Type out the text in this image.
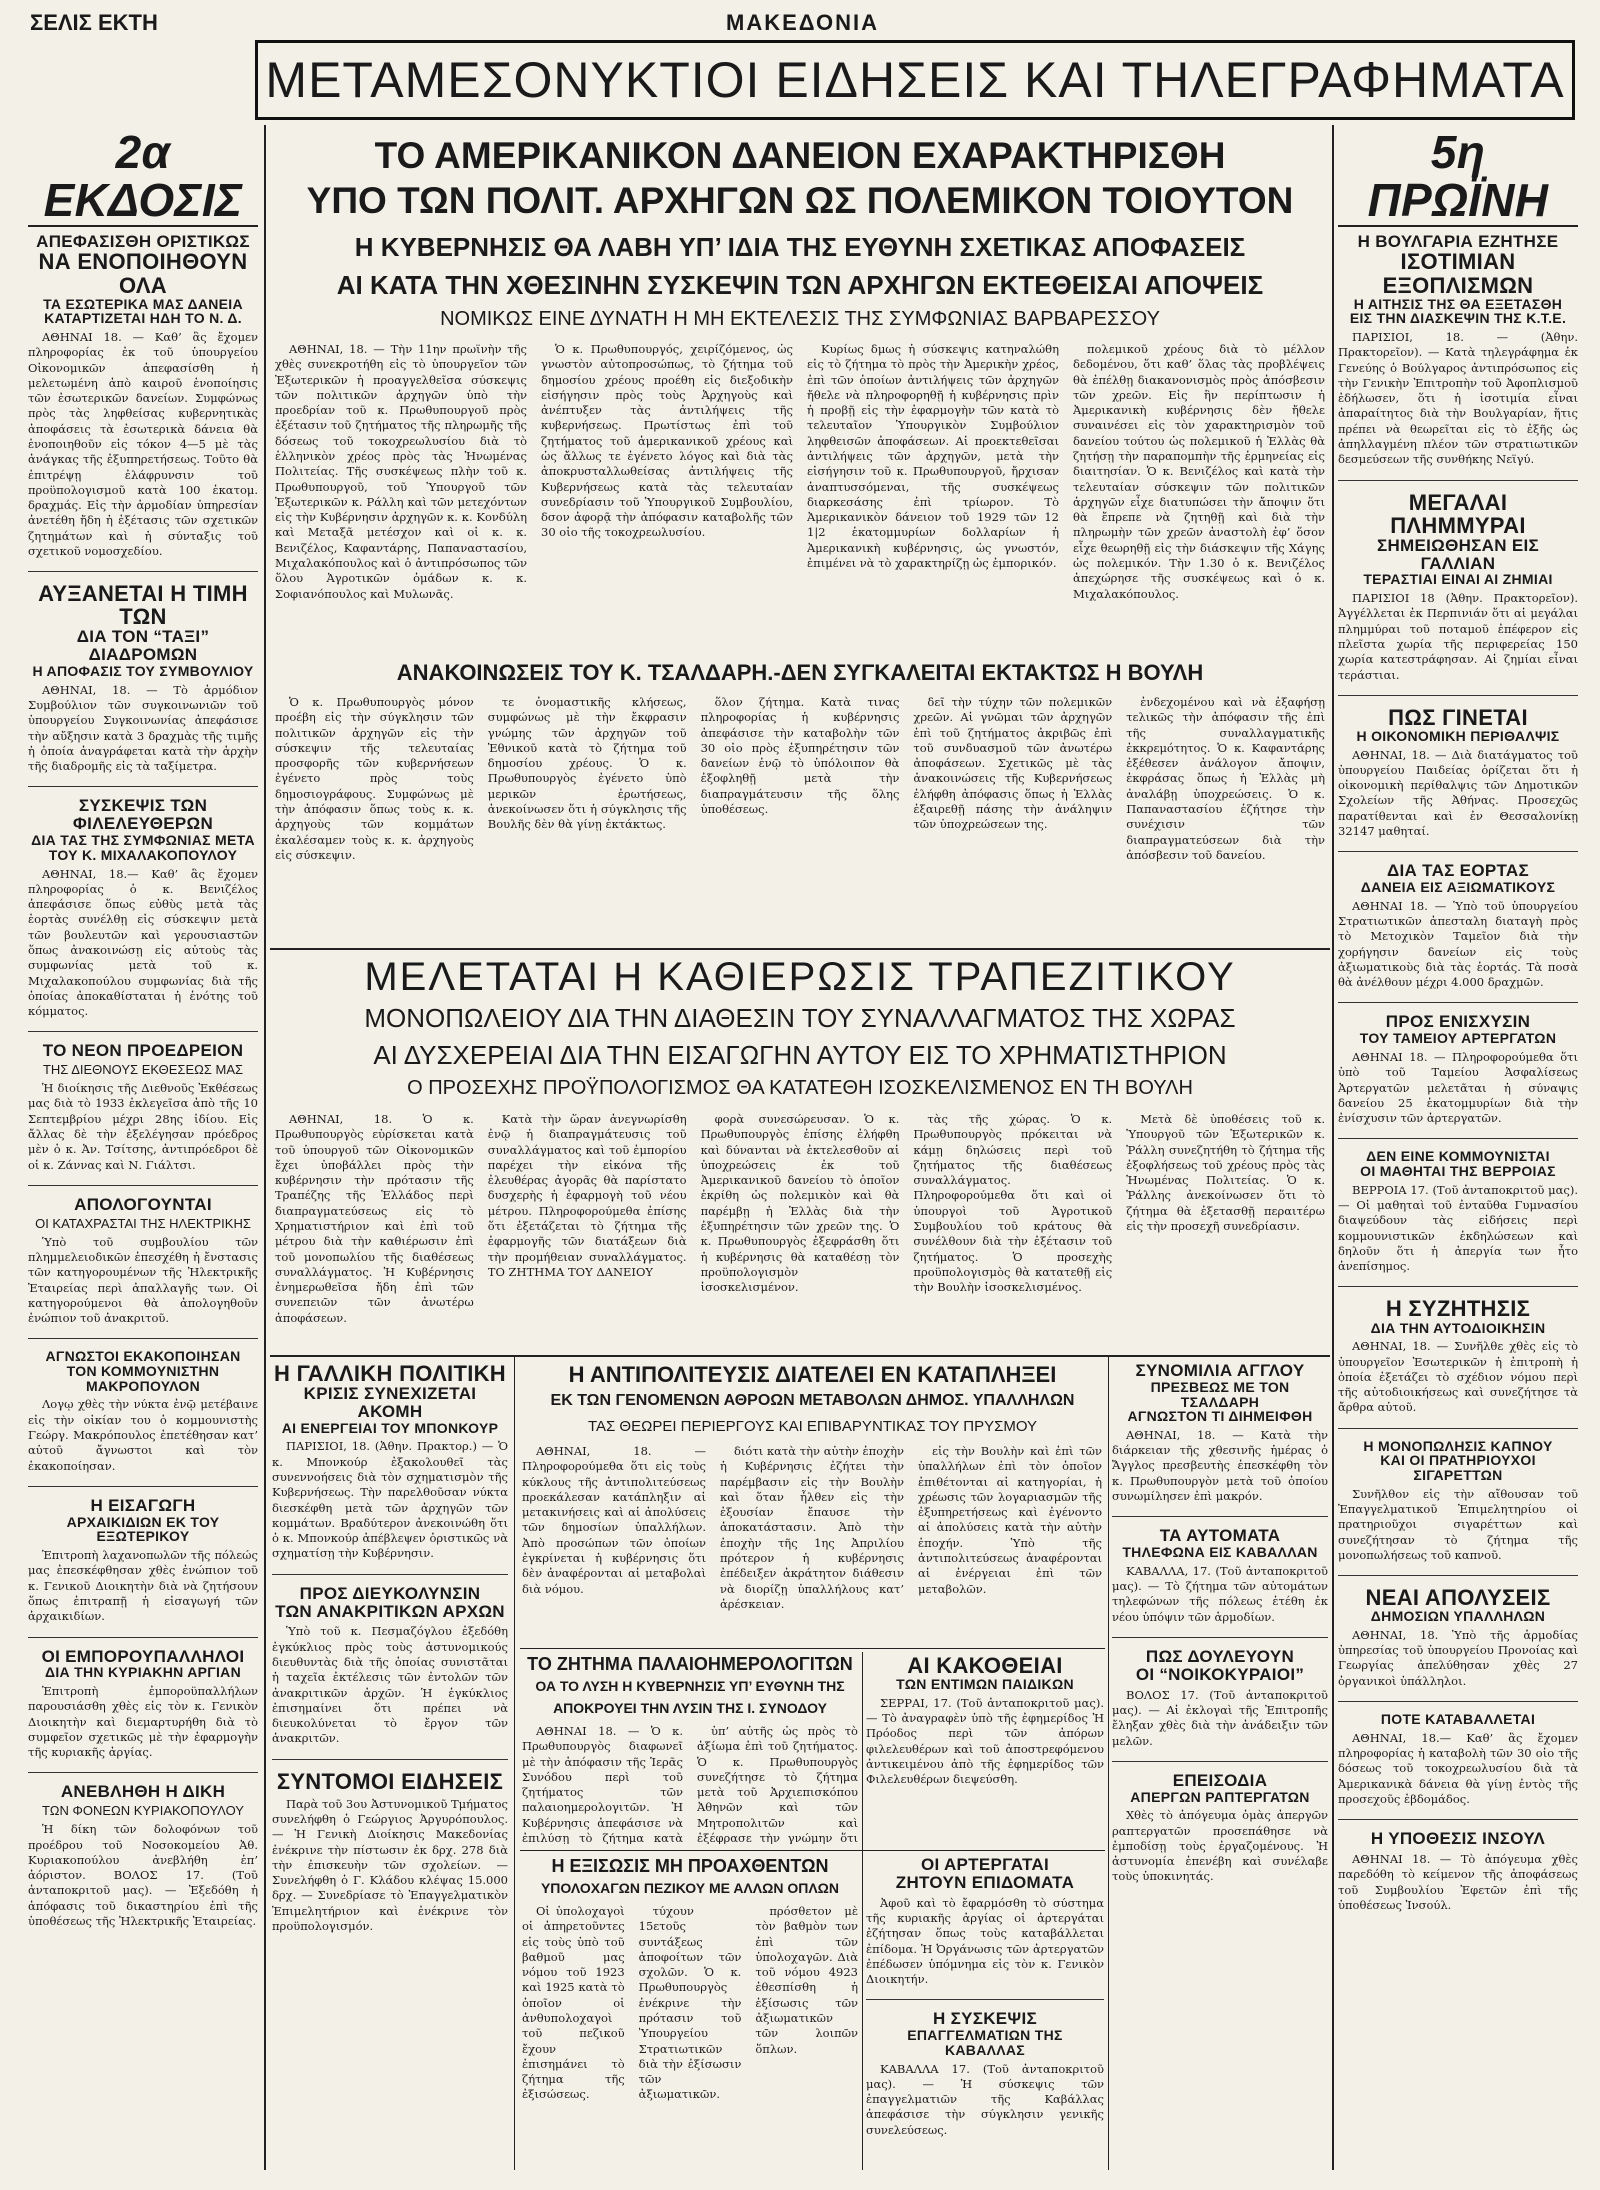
ΣΕΛΙΣ ΕΚΤΗ	ΜΑΚΕΔΟΝΙΑ
ΜΕΤΑΜΕΣΟΝΥΚΤΙΟΙ ΕΙΔΗΣΕΙΣ ΚΑΙ ΤΗΛΕΓΡΑΦΗΜΑΤΑ
2α ΕΚΔΟΣΙΣ
ΑΠΕΦΑΣΙΣΘΗ ΟΡΙΣΤΙΚΩΣ
ΝΑ ΕΝΟΠΟΙΗΘΟΥΝ ΟΛΑ
ΤΑ ΕΣΩΤΕΡΙΚΑ ΜΑΣ ΔΑΝΕΙΑ
ΚΑΤΑΡΤΙΖΕΤΑΙ ΗΔΗ ΤΟ Ν. Δ.
ΑΘΗΝΑΙ 18. — Καθ’ ἃς ἔχομεν πληροφορίας ἐκ τοῦ ὑπουργείου Οἰκονομικῶν ἀπεφασίσθη ἡ μελετωμένη ἀπὸ καιροῦ ἑνοποίησις τῶν ἐσωτερικῶν δανείων. Συμφώνως πρὸς τὰς ληφθείσας κυβερνητικὰς ἀποφάσεις τὰ ἐσωτερικὰ δάνεια θὰ ἑνοποιηθοῦν εἰς τόκον 4—5 μὲ τὰς ἀνάγκας τῆς ἐξυπηρετήσεως. Τοῦτο θὰ ἐπιτρέψῃ ἐλάφρυνσιν τοῦ προϋπολογισμοῦ κατὰ 100 ἑκατομ. δραχμάς. Εἰς τὴν ἁρμοδίαν ὑπηρεσίαν ἀνετέθη ἤδη ἡ ἐξέτασις τῶν σχετικῶν ζητημάτων καὶ ἡ σύνταξις τοῦ σχετικοῦ νομοσχεδίου.
ΑΥΞΑΝΕΤΑΙ Η ΤΙΜΗ ΤΩΝ
ΔΙΑ ΤΟΝ “ΤΑΞΙ” ΔΙΑΔΡΟΜΩΝ
Η ΑΠΟΦΑΣΙΣ ΤΟΥ ΣΥΜΒΟΥΛΙΟΥ
ΑΘΗΝΑΙ, 18. — Τὸ ἁρμόδιον Συμβούλιον τῶν συγκοινωνιῶν τοῦ ὑπουργείου Συγκοινωνίας ἀπεφάσισε τὴν αὔξησιν κατὰ 3 δραχμὰς τῆς τιμῆς ἡ ὁποία ἀναγράφεται κατὰ τὴν ἀρχὴν τῆς διαδρομῆς εἰς τὰ ταξίμετρα.
ΣΥΣΚΕΨΙΣ ΤΩΝ ΦΙΛΕΛΕΥΘΕΡΩΝ
ΔΙΑ ΤΑΣ ΤΗΣ ΣΥΜΦΩΝΙΑΣ ΜΕΤΑ
ΤΟΥ Κ. ΜΙΧΑΛΑΚΟΠΟΥΛΟΥ
ΑΘΗΝΑΙ, 18.— Καθ’ ἃς ἔχομεν πληροφορίας ὁ κ. Βενιζέλος ἀπεφάσισε ὅπως εὐθὺς μετὰ τὰς ἑορτὰς συνέλθῃ εἰς σύσκεψιν μετὰ τῶν βουλευτῶν καὶ γερουσιαστῶν ὅπως ἀνακοινώσῃ εἰς αὐτοὺς τὰς συμφωνίας μετὰ τοῦ κ. Μιχαλακοπούλου συμφωνίας διὰ τῆς ὁποίας ἀποκαθίσταται ἡ ἑνότης τοῦ κόμματος.
ΤΟ ΝΕΟΝ ΠΡΟΕΔΡΕΙΟΝ
ΤΗΣ ΔΙΕΘΝΟΥΣ ΕΚΘΕΣΕΩΣ ΜΑΣ
Ἡ διοίκησις τῆς Διεθνοῦς Ἐκθέσεως μας διὰ τὸ 1933 ἐκλεγεῖσα ἀπὸ τῆς 10 Σεπτεμβρίου μέχρι 28ης ἰδίου. Εἰς ἄλλας δὲ τὴν ἐξελέγησαν πρόεδρος μὲν ὁ κ. Ἀν. Τσίτσης, ἀντιπρόεδροι δὲ οἱ κ. Ζάννας καὶ Ν. Γιάλτσι.
ΑΠΟΛΟΓΟΥΝΤΑΙ
ΟΙ ΚΑΤΑΧΡΑΣΤΑΙ ΤΗΣ ΗΛΕΚΤΡΙΚΗΣ
Ὑπὸ τοῦ συμβουλίου τῶν πλημμελειοδικῶν ἐπεσχέθη ἡ ἔνστασις τῶν κατηγορουμένων τῆς Ἠλεκτρικῆς Ἑταιρείας περὶ ἀπαλλαγῆς των. Οἱ κατηγορούμενοι θὰ ἀπολογηθοῦν ἐνώπιον τοῦ ἀνακριτοῦ.
ΑΓΝΩΣΤΟΙ ΕΚΑΚΟΠΟΙΗΣΑΝ
ΤΟΝ ΚΟΜΜΟΥΝΙΣΤΗΝ ΜΑΚΡΟΠΟΥΛΟΝ
Λογῳ χθὲς τὴν νύκτα ἐνῷ μετέβαινε εἰς τὴν οἰκίαν του ὁ κομμουνιστὴς Γεώργ. Μακρόπουλος ἐπετέθησαν κατ’ αὐτοῦ ἄγνωστοι καὶ τὸν ἐκακοποίησαν.
Η ΕΙΣΑΓΩΓΗ
ΑΡΧΑΙΚΙΔΙΩΝ ΕΚ ΤΟΥ ΕΞΩΤΕΡΙΚΟΥ
Ἐπιτροπὴ λαχανοπωλῶν τῆς πόλεώς μας ἐπεσκέφθησαν χθὲς ἐνώπιον τοῦ κ. Γενικοῦ Διοικητὴν διὰ νὰ ζητήσουν ὅπως ἐπιτραπῇ ἡ εἰσαγωγή τῶν ἀρχαικιδίων.
ΟΙ ΕΜΠΟΡΟΥΠΑΛΛΗΛΟΙ
ΔΙΑ ΤΗΝ ΚΥΡΙΑΚΗΝ ΑΡΓΙΑΝ
Ἐπιτροπὴ ἐμποροϋπαλλήλων παρουσιάσθη χθὲς εἰς τὸν κ. Γενικὸν Διοικητὴν καὶ διεμαρτυρήθη διὰ τὸ συμφεῖον σχετικῶς μὲ τὴν ἐφαρμογὴν τῆς κυριακῆς ἀργίας.
ΑΝΕΒΛΗΘΗ Η ΔΙΚΗ
ΤΩΝ ΦΟΝΕΩΝ ΚΥΡΙΑΚΟΠΟΥΛΟΥ
Ἡ δίκη τῶν δολοφόνων τοῦ προέδρου τοῦ Νοσοκομείου Ἀθ. Κυριακοπούλου ἀνεβλήθη ἐπ’ ἀόριστον. ΒΟΛΟΣ 17. (Τοῦ ἀνταποκριτοῦ μας). — Ἐξεδόθη ἡ ἀπόφασις τοῦ δικαστηρίου ἐπὶ τῆς ὑποθέσεως τῆς Ἠλεκτρικῆς Ἑταιρείας.
ΤΟ ΑΜΕΡΙΚΑΝΙΚΟΝ ΔΑΝΕΙΟΝ ΕΧΑΡΑΚΤΗΡΙΣΘΗ
ΥΠΟ ΤΩΝ ΠΟΛΙΤ. ΑΡΧΗΓΩΝ ΩΣ ΠΟΛΕΜΙΚΟΝ ΤΟΙΟΥΤΟΝ
Η ΚΥΒΕΡΝΗΣΙΣ ΘΑ ΛΑΒΗ ΥΠ’ ΙΔΙΑ ΤΗΣ ΕΥΘΥΝΗ ΣΧΕΤΙΚΑΣ ΑΠΟΦΑΣΕΙΣ
ΑΙ ΚΑΤΑ ΤΗΝ ΧΘΕΣΙΝΗΝ ΣΥΣΚΕΨΙΝ ΤΩΝ ΑΡΧΗΓΩΝ ΕΚΤΕΘΕΙΣΑΙ ΑΠΟΨΕΙΣ
ΝΟΜΙΚΩΣ ΕΙΝΕ ΔΥΝΑΤΗ Η ΜΗ ΕΚΤΕΛΕΣΙΣ ΤΗΣ ΣΥΜΦΩΝΙΑΣ ΒΑΡΒΑΡΕΣΣΟΥ
ΑΘΗΝΑΙ, 18. — Τὴν 11ην πρωϊνὴν τῆς χθὲς συνεκροτήθη εἰς τὸ ὑπουργεῖον τῶν Ἐξωτερικῶν ἡ προαγγελθεῖσα σύσκεψις τῶν πολιτικῶν ἀρχηγῶν ὑπὸ τὴν προεδρίαν τοῦ κ. Πρωθυπουργοῦ πρὸς ἐξέτασιν τοῦ ζητήματος τῆς πληρωμῆς τῆς δόσεως τοῦ τοκοχρεωλυσίου διὰ τὸ ἑλληνικὸν χρέος πρὸς τὰς Ἡνωμένας Πολιτείας. Τῆς συσκέψεως πλὴν τοῦ κ. Πρωθυπουργοῦ, τοῦ Ὑπουργοῦ τῶν Ἐξωτερικῶν κ. Ράλλη καὶ τῶν μετεχόντων εἰς τὴν Κυβέρνησιν ἀρχηγῶν κ. κ. Κονδύλη καὶ Μεταξᾶ μετέσχον καὶ οἱ κ. κ. Βενιζέλος, Καφαντάρης, Παπαναστασίου, Μιχαλακόπουλος καὶ ὁ ἀντιπρόσωπος τῶν ὅλου Ἀγροτικῶν ὁμάδων κ. κ. Σοφιανόπουλος καὶ Μυλωνᾶς.
Ὁ κ. Πρωθυπουργός, χειρίζόμενος, ὡς γνωστὸν αὐτοπροσώπως, τὸ ζήτημα τοῦ δημοσίου χρέους προέθη εἰς διεξοδικὴν εἰσήγησιν πρὸς τοὺς Ἀρχηγοὺς καὶ ἀνέπτυξεν τὰς ἀντιλήψεις τῆς κυβερνήσεως. Πρωτίστως ἐπὶ τοῦ ζητήματος τοῦ ἀμερικανικοῦ χρέους καὶ ὡς ἄλλως τε ἐγένετο λόγος καὶ διὰ τὰς ἀποκρυσταλλωθείσας ἀντιλήψεις τῆς Κυβερνήσεως κατὰ τὰς τελευταίαν συνεδρίασιν τοῦ Ὑπουργικοῦ Συμβουλίου, δσον ἀφορᾷ τὴν ἀπόφασιν καταβολῆς τῶν 30 οἱο τῆς τοκοχρεωλυσίου.
Κυρίως δμως ἡ σύσκεψις κατηναλώθη εἰς τὸ ζήτημα τὸ πρὸς τὴν Ἀμερικὴν χρέος, ἐπὶ τῶν ὁποίων ἀντιλήψεις τῶν ἀρχηγῶν ἤθελε νὰ πληροφορηθῇ ἡ κυβέρνησις πρὶν ἡ προβῇ εἰς τὴν ἐφαρμογὴν τῶν κατὰ τὸ τελευταῖον Ὑπουργικὸν Συμβούλιον ληφθεισῶν ἀποφάσεων. Αἱ προεκτεθεῖσαι ἀντιλήψεις τῶν ἀρχηγῶν, μετὰ τὴν εἰσήγησιν τοῦ κ. Πρωθυπουργοῦ, ἤρχισαν ἀναπτυσσόμεναι, τῆς συσκέψεως διαρκεσάσης ἐπὶ τρίωρον. Τὸ Ἀμερικανικὸν δάνειον τοῦ 1929 τῶν 12 1|2 ἑκατομμυρίων δολλαρίων ἡ Ἀμερικανικὴ κυβέρνησις, ὡς γνωστόν, ἐπιμένει νὰ τὸ χαρακτηρίζῃ ὡς ἐμπορικόν.
πολεμικοῦ χρέους διὰ τὸ μέλλον δεδομένου, ὅτι καθ’ ὅλας τὰς προβλέψεις θὰ ἐπέλθῃ διακανονισμὸς πρὸς ἀπόσβεσιν τῶν χρεῶν. Εἰς ἣν περίπτωσιν ἡ Ἀμερικανικὴ κυβέρνησις δὲν ἤθελε συναινέσει εἰς τὸν χαρακτηρισμὸν τοῦ δανείου τούτου ὡς πολεμικοῦ ἡ Ἑλλὰς θὰ ζητήσῃ τὴν παραπομπὴν τῆς ἑρμηνείας εἰς διαιτησίαν. Ὁ κ. Βενιζέλος καὶ κατὰ τὴν τελευταίαν σύσκεψιν τῶν πολιτικῶν ἀρχηγῶν εἶχε διατυπώσει τὴν ἄποψιν ὅτι θὰ ἔπρεπε νὰ ζητηθῇ καὶ διὰ τὴν πληρωμὴν τῶν χρεῶν ἀναστολὴ ἐφ’ ὅσον εἶχε θεωρηθῇ εἰς τὴν διάσκεψιν τῆς Χάγης ὡς πολεμικόν. Τὴν 1.30 ὁ κ. Βενιζέλος ἀπεχώρησε τῆς συσκέψεως καὶ ὁ κ. Μιχαλακόπουλος.
ΑΝΑΚΟΙΝΩΣΕΙΣ ΤΟΥ Κ. ΤΣΑΛΔΑΡΗ.-ΔΕΝ ΣΥΓΚΑΛΕΙΤΑΙ ΕΚΤΑΚΤΩΣ Η ΒΟΥΛΗ
Ὁ κ. Πρωθυπουργὸς μόνον προέβη εἰς τὴν σύγκλησιν τῶν πολιτικῶν ἀρχηγῶν εἰς τὴν σύσκεψιν τῆς τελευταίας προσφορῆς τῶν κυβερνήσεων ἐγένετο πρὸς τοὺς δημοσιογράφους. Συμφώνως μὲ τὴν ἀπόφασιν ὅπως τοὺς κ. κ. ἀρχηγοὺς τῶν κομμάτων ἐκαλέσαμεν τοὺς κ. κ. ἀρχηγοὺς εἰς σύσκεψιν.
τε ὀνομαστικῆς κλήσεως, συμφώνως μὲ τὴν ἔκφρασιν γνώμης τῶν ἀρχηγῶν τοῦ Ἐθνικοῦ κατὰ τὸ ζήτημα τοῦ δημοσίου χρέους. Ὁ κ. Πρωθυπουργὸς ἐγένετο ὑπὸ μερικῶν ἐρωτήσεως, ἀνεκοίνωσεν ὅτι ἡ σύγκλησις τῆς Βουλῆς δὲν θὰ γίνῃ ἐκτάκτως.
ὅλον ζήτημα. Κατὰ τινας πληροφορίας ἡ κυβέρνησις ἀπεφάσισε τὴν καταβολὴν τῶν 30 οἱο πρὸς ἐξυπηρέτησιν τῶν δανείων ἐνῷ τὸ ὑπόλοιπον θὰ ἐξοφληθῇ μετὰ τὴν διαπραγμάτευσιν τῆς ὅλης ὑποθέσεως.
δεῖ τὴν τύχην τῶν πολεμικῶν χρεῶν. Αἱ γνῶμαι τῶν ἀρχηγῶν ἐπὶ τοῦ ζητήματος ἀκριβῶς ἐπὶ τοῦ συνδυασμοῦ τῶν ἀνωτέρω ἀποφάσεων. Σχετικῶς μὲ τὰς ἀνακοινώσεις τῆς Κυβερνήσεως ἐλήφθη ἀπόφασις ὅπως ἡ Ἑλλὰς ἐξαιρεθῇ πάσης τὴν ἀνάληψιν τῶν ὑποχρεώσεων της.
ἐνδεχομένου καὶ νὰ ἐξαφήσῃ τελικῶς τὴν ἀπόφασιν τῆς ἐπὶ τῆς συναλλαγματικῆς ἐκκρεμότητος. Ὁ κ. Καφαντάρης ἐξέθεσεν ἀνάλογον ἄποψιν, ἐκφράσας ὅπως ἡ Ἑλλὰς μὴ ἀναλάβῃ ὑποχρεώσεις. Ὁ κ. Παπαναστασίου ἐζήτησε τὴν συνέχισιν τῶν διαπραγματεύσεων διὰ τὴν ἀπόσβεσιν τοῦ δανείου.
ΜΕΛΕΤΑΤΑΙ Η ΚΑΘΙΕΡΩΣΙΣ ΤΡΑΠΕΖΙΤΙΚΟΥ
ΜΟΝΟΠΩΛΕΙΟΥ ΔΙΑ ΤΗΝ ΔΙΑΘΕΣΙΝ ΤΟΥ ΣΥΝΑΛΛΑΓΜΑΤΟΣ ΤΗΣ ΧΩΡΑΣ
ΑΙ ΔΥΣΧΕΡΕΙΑΙ ΔΙΑ ΤΗΝ ΕΙΣΑΓΩΓΗΝ ΑΥΤΟΥ ΕΙΣ ΤΟ ΧΡΗΜΑΤΙΣΤΗΡΙΟΝ
Ο ΠΡΟΣΕΧΗΣ ΠΡΟΫΠΟΛΟΓΙΣΜΟΣ ΘΑ ΚΑΤΑΤΕΘΗ ΙΣΟΣΚΕΛΙΣΜΕΝΟΣ ΕΝ ΤΗ ΒΟΥΛΗ
ΑΘΗΝΑΙ, 18. Ὁ κ. Πρωθυπουργὸς εὑρίσκεται κατὰ τοῦ ὑπουργοῦ τῶν Οἰκονομικῶν ἔχει ὑποβάλλει πρὸς τὴν κυβέρνησιν τὴν πρότασιν τῆς Τραπέζης τῆς Ἑλλάδος περὶ διαπραγματεύσεως εἰς τὸ Χρηματιστήριον καὶ ἐπὶ τοῦ μέτρου διὰ τὴν καθιέρωσιν ἐπὶ τοῦ μονοπωλίου τῆς διαθέσεως συναλλάγματος. Ἡ Κυβέρνησις ἐνημερωθεῖσα ἤδη ἐπὶ τῶν συνεπειῶν τῶν ἀνωτέρω ἀποφάσεων.
Κατὰ τὴν ὥραν ἀνεγνωρίσθη ἐνῷ ἡ διαπραγμάτευσις τοῦ συναλλάγματος καὶ τοῦ ἐμπορίου παρέχει τὴν εἰκόνα τῆς ἐλευθέρας ἀγορᾶς θὰ παρίστατο δυσχερὴς ἡ ἐφαρμογὴ τοῦ νέου μέτρου. Πληροφορούμεθα ἐπίσης ὅτι ἐξετάζεται τὸ ζήτημα τῆς ἐφαρμογῆς τῶν διατάξεων διὰ τὴν προμήθειαν συναλλάγματος. ΤΟ ΖΗΤΗΜΑ ΤΟΥ ΔΑΝΕΙΟΥ
φορὰ συνεσώρευσαν. Ὁ κ. Πρωθυπουργὸς ἐπίσης ἐλήφθη καὶ δύνανται νὰ ἐκτελεσθοῦν αἱ ὑποχρεώσεις ἐκ τοῦ Ἀμερικανικοῦ δανείου τὸ ὁποῖον ἐκρίθη ὡς πολεμικὸν καὶ θὰ παρέμβῃ ἡ Ἑλλὰς διὰ τὴν ἐξυπηρέτησιν τῶν χρεῶν της. Ὁ κ. Πρωθυπουργὸς ἐξεφράσθη ὅτι ἡ κυβέρνησις θὰ καταθέσῃ τὸν προϋπολογισμὸν ἰσοσκελισμένον.
τὰς τῆς χώρας. Ὁ κ. Πρωθυπουργὸς πρόκειται νὰ κάμῃ δηλώσεις περὶ τοῦ ζητήματος τῆς διαθέσεως συναλλάγματος. Πληροφορούμεθα ὅτι καὶ οἱ ὑπουργοὶ τοῦ Ἀγροτικοῦ Συμβουλίου τοῦ κράτους θὰ συνέλθουν διὰ τὴν ἐξέτασιν τοῦ ζητήματος. Ὁ προσεχὴς προϋπολογισμὸς θὰ κατατεθῇ εἰς τὴν Βουλὴν ἰσοσκελισμένος.
Μετὰ δὲ ὑποθέσεις τοῦ κ. Ὑπουργοῦ τῶν Ἐξωτερικῶν κ. Ῥάλλη συνεζητήθη τὸ ζήτημα τῆς ἐξοφλήσεως τοῦ χρέους πρὸς τὰς Ἡνωμένας Πολιτείας. Ὁ κ. Ῥάλλης ἀνεκοίνωσεν ὅτι τὸ ζήτημα θὰ ἐξετασθῇ περαιτέρω εἰς τὴν προσεχῆ συνεδρίασιν.
Η ΓΑΛΛΙΚΗ ΠΟΛΙΤΙΚΗ
ΚΡΙΣΙΣ ΣΥΝΕΧΙΖΕΤΑΙ ΑΚΟΜΗ
ΑΙ ΕΝΕΡΓΕΙΑΙ ΤΟΥ ΜΠΟΝΚΟΥΡ
ΠΑΡΙΣΙΟΙ, 18. (Ἀθην. Πρακτορ.) — Ὁ κ. Μπονκούρ ἐξακολουθεῖ τὰς συνεννοήσεις διὰ τὸν σχηματισμὸν τῆς Κυβερνήσεως. Τὴν παρελθοῦσαν νύκτα διεσκέφθη μετὰ τῶν ἀρχηγῶν τῶν κομμάτων. Βραδύτερον ἀνεκοινώθη ὅτι ὁ κ. Μπονκούρ ἀπέβλεψεν ὁριστικῶς νὰ σχηματίσῃ τὴν Κυβέρνησιν.
ΠΡΟΣ ΔΙΕΥΚΟΛΥΝΣΙΝ
ΤΩΝ ΑΝΑΚΡΙΤΙΚΩΝ ΑΡΧΩΝ
Ὑπὸ τοῦ κ. Πεσμαζόγλου ἐξεδόθη ἐγκύκλιος πρὸς τοὺς ἀστυνομικούς διευθυντὰς διὰ τῆς ὁποίας συνιστᾶται ἡ ταχεῖα ἐκτέλεσις τῶν ἐντολῶν τῶν ἀνακριτικῶν ἀρχῶν. Ἡ ἐγκύκλιος ἐπισημαίνει ὅτι πρέπει νὰ διευκολύνεται τὸ ἔργον τῶν ἀνακριτῶν.
ΣΥΝΤΟΜΟΙ ΕΙΔΗΣΕΙΣ
Παρὰ τοῦ 3ου Ἀστυνομικοῦ Τμήματος συνελήφθη ὁ Γεώργιος Ἀργυρόπουλος. — Ἡ Γενικὴ Διοίκησις Μακεδονίας ἐνέκρινε τὴν πίστωσιν ἐκ δρχ. 278 διὰ τὴν ἐπισκευὴν τῶν σχολείων. — Συνελήφθη ὁ Γ. Κλάδου κλέψας 15.000 δρχ. — Συνεδρίασε τὸ Ἐπαγγελματικὸν Ἐπιμελητήριον καὶ ἐνέκρινε τὸν προϋπολογισμόν.
Η ΑΝΤΙΠΟΛΙΤΕΥΣΙΣ ΔΙΑΤΕΛΕΙ ΕΝ ΚΑΤΑΠΛΗΞΕΙ
ΕΚ ΤΩΝ ΓΕΝΟΜΕΝΩΝ ΑΘΡΟΩΝ ΜΕΤΑΒΟΛΩΝ ΔΗΜΟΣ. ΥΠΑΛΛΗΛΩΝ
ΤΑΣ ΘΕΩΡΕΙ ΠΕΡΙΕΡΓΟΥΣ ΚΑΙ ΕΠΙΒΑΡΥΝΤΙΚΑΣ ΤΟΥ ΠΡΥΣΜΟΥ
ΑΘΗΝΑΙ, 18. — Πληροφορούμεθα ὅτι εἰς τοὺς κύκλους τῆς ἀντιπολιτεύσεως προεκάλεσαν κατάπληξιν αἱ μετακινήσεις καὶ αἱ ἀπολύσεις τῶν δημοσίων ὑπαλλήλων. Ἀπὸ προσώπων τῶν ὁποίων ἐγκρίνεται ἡ κυβέρνησις ὅτι δὲν ἀναφέρονται αἱ μεταβολαὶ διὰ νόμου.
διότι κατὰ τὴν αὐτὴν ἐποχὴν ἡ Κυβέρνησις ἐζήτει τὴν παρέμβασιν εἰς τὴν Βουλὴν καὶ ὅταν ἦλθεν εἰς τὴν ἐξουσίαν ἔπαυσε τὴν ἀποκατάστασιν. Ἀπὸ τὴν ἐποχὴν τῆς 1ης Ἀπριλίου πρότερον ἡ κυβέρνησις ἐπέδειξεν ἀκράτητον διάθεσιν νὰ διορίζῃ ὑπαλλήλους κατ’ ἀρέσκειαν.
εἰς τὴν Βουλὴν καὶ ἐπὶ τῶν ὑπαλλήλων ἐπὶ τὸν ὁποῖον ἐπιθέτονται αἱ κατηγορίαι, ἡ χρέωσις τῶν λογαριασμῶν τῆς ἐξυπηρετήσεως καὶ ἐγένοντο αἱ ἀπολύσεις κατὰ τὴν αὐτὴν ἐποχήν. Ὑπὸ τῆς ἀντιπολιτεύσεως ἀναφέρονται αἱ ἐνέργειαι ἐπὶ τῶν μεταβολῶν.
ΤΟ ΖΗΤΗΜΑ ΠΑΛΑΙΟΗΜΕΡΟΛΟΓΙΤΩΝ
ΟΑ ΤΟ ΛΥΣΗ Η ΚΥΒΕΡΝΗΣΙΣ ΥΠ’ ΕΥΘΥΝΗ ΤΗΣ
ΑΠΟΚΡΟΥΕΙ ΤΗΝ ΛΥΣΙΝ ΤΗΣ Ι. ΣΥΝΟΔΟΥ
ΑΘΗΝΑΙ 18. — Ὁ κ. Πρωθυπουργὸς διαφωνεῖ μὲ τὴν ἀπόφασιν τῆς Ἱερᾶς Συνόδου περὶ τοῦ ζητήματος τῶν παλαιοημερολογιτῶν. Ἡ Κυβέρνησις ἀπεφάσισε νὰ ἐπιλύσῃ τὸ ζήτημα κατὰ
ὑπ’ αὐτῆς ὡς πρὸς τὸ ἀξίωμα ἐπὶ τοῦ ζητήματος. Ὁ κ. Πρωθυπουργὸς συνεζήτησε τὸ ζήτημα μετὰ τοῦ Ἀρχιεπισκόπου Ἀθηνῶν καὶ τῶν Μητροπολιτῶν καὶ ἐξέφρασε τὴν γνώμην ὅτι
ΑΙ ΚΑΚΟΘΕΙΑΙ
ΤΩΝ ΕΝΤΙΜΩΝ ΠΑΙΔΙΚΩΝ
ΣΕΡΡΑΙ, 17. (Τοῦ ἀνταποκριτοῦ μας). — Τὸ ἀναγραφὲν ὑπὸ τῆς ἐφημερίδος Ἡ Πρόοδος περὶ τῶν ἀπόρων φιλελευθέρων καὶ τοῦ ἀποστρεφόμενου ἀντικειμένου ἀπὸ τῆς ἐφημερίδος τῶν Φιλελευθέρων διεψεύσθη.
Η ΕΞΙΣΩΣΙΣ ΜΗ ΠΡΟΑΧΘΕΝΤΩΝ
ΥΠΟΛΟΧΑΓΩΝ ΠΕΖΙΚΟΥ ΜΕ ΑΛΛΩΝ ΟΠΛΩΝ
Οἱ ὑπολοχαγοὶ οἱ ἀπηρετοῦντες εἰς τοὺς ὑπὸ τοῦ βαθμοῦ μας νόμου τοῦ 1923 καὶ 1925 κατὰ τὸ ὁποῖον οἱ ἀνθυπολοχαγοὶ τοῦ πεζικοῦ ἔχουν ἐπισημάνει τὸ ζήτημα τῆς ἐξισώσεως.
τύχουν 15ετοῦς συντάξεως ἀποφοίτων τῶν σχολῶν. Ὁ κ. Πρωθυπουργὸς ἐνέκρινε τὴν πρότασιν τοῦ Ὑπουργείου Στρατιωτικῶν διὰ τὴν ἐξίσωσιν τῶν ἀξιωματικῶν.
πρόσθετον μὲ τὸν βαθμὸν των ἐπὶ τῶν ὑπολοχαγῶν. Διὰ τοῦ νόμου 4923 ἐθεσπίσθη ἡ ἐξίσωσις τῶν ἀξιωματικῶν τῶν λοιπῶν ὅπλων.
ΟΙ ΑΡΤΕΡΓΑΤΑΙ
ΖΗΤΟΥΝ ΕΠΙΔΟΜΑΤΑ
Ἀφοῦ καὶ τὸ ἔφαρμόσθη τὸ σύστημα τῆς κυριακῆς ἀργίας οἱ ἀρτεργάται ἐζήτησαν ὅπως τοὺς καταβάλλεται ἐπίδομα. Ἡ Ὀργάνωσις τῶν ἀρτεργατῶν ἐπέδωσεν ὑπόμνημα εἰς τὸν κ. Γενικὸν Διοικητήν.
Η ΣΥΣΚΕΨΙΣ
ΕΠΑΓΓΕΛΜΑΤΙΩΝ ΤΗΣ ΚΑΒΑΛΛΑΣ
ΚΑΒΑΛΛΑ 17. (Τοῦ ἀνταποκριτοῦ μας). — Ἡ σύσκεψις τῶν ἐπαγγελματιῶν τῆς Καβάλλας ἀπεφάσισε τὴν σύγκλησιν γενικῆς συνελεύσεως.
ΣΥΝΟΜΙΛΙΑ ΑΓΓΛΟΥ
ΠΡΕΣΒΕΩΣ ΜΕ ΤΟΝ ΤΣΑΛΔΑΡΗ
ΑΓΝΩΣΤΟΝ ΤΙ ΔΙΗΜΕΙΦΘΗ
ΑΘΗΝΑΙ, 18. — Κατὰ τὴν διάρκειαν τῆς χθεσινῆς ἡμέρας ὁ Ἄγγλος πρεσβευτὴς ἐπεσκέφθη τὸν κ. Πρωθυπουργὸν μετὰ τοῦ ὁποίου συνωμίλησεν ἐπὶ μακρόν.
ΤΑ ΑΥΤΟΜΑΤΑ
ΤΗΛΕΦΩΝΑ ΕΙΣ ΚΑΒΑΛΛΑΝ
ΚΑΒΑΛΛΑ, 17. (Τοῦ ἀνταποκριτοῦ μας). — Τὸ ζήτημα τῶν αὐτομάτων τηλεφώνων τῆς πόλεως ἐτέθη ἐκ νέου ὑπόψιν τῶν ἁρμοδίων.
ΠΩΣ ΔΟΥΛΕΥΟΥΝ
ΟΙ “ΝΟΙΚΟΚΥΡΑΙΟΙ”
ΒΟΛΟΣ 17. (Τοῦ ἀνταποκριτοῦ μας). — Αἱ ἐκλογαὶ τῆς Ἐπιτροπῆς ἔληξαν χθὲς διὰ τὴν ἀνάδειξιν τῶν μελῶν.
ΕΠΕΙΣΟΔΙΑ
ΑΠΕΡΓΩΝ ΡΑΠΤΕΡΓΑΤΩΝ
Χθὲς τὸ ἀπόγευμα ὁμὰς ἀπεργῶν ραπτεργατῶν προσεπάθησε νὰ ἐμποδίσῃ τοὺς ἐργαζομένους. Ἡ ἀστυνομία ἐπενέβη καὶ συνέλαβε τοὺς ὑποκινητάς.
5η ΠΡΩΪΝΗ
Η ΒΟΥΛΓΑΡΙΑ ΕΖΗΤΗΣΕ
ΙΣΟΤΙΜΙΑΝ ΕΞΟΠΛΙΣΜΩΝ
Η ΑΙΤΗΣΙΣ ΤΗΣ ΘΑ ΕΞΕΤΑΣΘΗ
ΕΙΣ ΤΗΝ ΔΙΑΣΚΕΨΙΝ ΤΗΣ Κ.Τ.Ε.
ΠΑΡΙΣΙΟΙ, 18. — (Ἀθην. Πρακτορεῖον). — Κατὰ τηλεγράφημα ἐκ Γενεύης ὁ Βούλγαρος ἀντιπρόσωπος εἰς τὴν Γενικὴν Ἐπιτροπὴν τοῦ Ἀφοπλισμοῦ ἐδήλωσεν, ὅτι ἡ ἰσοτιμία εἶναι ἀπαραίτητος διὰ τὴν Βουλγαρίαν, ἥτις πρέπει νὰ θεωρεῖται εἰς τὸ ἐξῆς ὡς ἀπηλλαγμένη πλέον τῶν στρατιωτικῶν δεσμεύσεων τῆς συνθήκης Νεϊγύ.
ΜΕΓΑΛΑΙ ΠΛΗΜΜΥΡΑΙ
ΣΗΜΕΙΩΘΗΣΑΝ ΕΙΣ ΓΑΛΛΙΑΝ
ΤΕΡΑΣΤΙΑΙ ΕΙΝΑΙ ΑΙ ΖΗΜΙΑΙ
ΠΑΡΙΣΙΟΙ 18 (Ἀθην. Πρακτορεῖον). Ἀγγέλλεται ἐκ Περπινιάν ὅτι αἱ μεγάλαι πλημμύραι τοῦ ποταμοῦ ἐπέφερον εἰς πλεῖστα χωρία τῆς περιφερείας 150 χωρία κατεστράφησαν. Αἱ ζημίαι εἶναι τεράστιαι.
ΠΩΣ ΓΙΝΕΤΑΙ
Η ΟΙΚΟΝΟΜΙΚΗ ΠΕΡΙΘΑΛΨΙΣ
ΑΘΗΝΑΙ, 18. — Διὰ διατάγματος τοῦ ὑπουργείου Παιδείας ὁρίζεται ὅτι ἡ οἰκονομικὴ περίθαλψις τῶν Δημοτικῶν Σχολείων τῆς Ἀθήνας. Προσεχῶς παρατίθενται καὶ ἐν Θεσσαλονίκῃ 32147 μαθηταί.
ΔΙΑ ΤΑΣ ΕΟΡΤΑΣ
ΔΑΝΕΙΑ ΕΙΣ ΑΞΙΩΜΑΤΙΚΟΥΣ
ΑΘΗΝΑΙ 18. — Ὑπὸ τοῦ ὑπουργείου Στρατιωτικῶν ἀπεσταλη διαταγὴ πρὸς τὸ Μετοχικὸν Ταμεῖον διὰ τὴν χορήγησιν δανείων εἰς τοὺς ἀξιωματικοὺς διὰ τὰς ἑορτάς. Τὰ ποσὰ θὰ ἀνέλθουν μέχρι 4.000 δραχμῶν.
ΠΡΟΣ ΕΝΙΣΧΥΣΙΝ
ΤΟΥ ΤΑΜΕΙΟΥ ΑΡΤΕΡΓΑΤΩΝ
ΑΘΗΝΑΙ 18. — Πληροφορούμεθα ὅτι ὑπὸ τοῦ Ταμείου Ἀσφαλίσεως Ἀρτεργατῶν μελετᾶται ἡ σύναψις δανείου 25 ἑκατομμυρίων διὰ τὴν ἐνίσχυσιν τῶν ἀρτεργατῶν.
ΔΕΝ ΕΙΝΕ ΚΟΜΜΟΥΝΙΣΤΑΙ
ΟΙ ΜΑΘΗΤΑΙ ΤΗΣ ΒΕΡΡΟΙΑΣ
ΒΕΡΡΟΙΑ 17. (Τοῦ ἀνταποκριτοῦ μας). — Οἱ μαθηταὶ τοῦ ἐνταῦθα Γυμνασίου διαψεύδουν τὰς εἰδήσεις περὶ κομμουνιστικῶν ἐκδηλώσεων καὶ δηλοῦν ὅτι ἡ ἀπεργία των ἦτο ἀνεπίσημος.
Η ΣΥΖΗΤΗΣΙΣ
ΔΙΑ ΤΗΝ ΑΥΤΟΔΙΟΙΚΗΣΙΝ
ΑΘΗΝΑΙ, 18. — Συνῆλθε χθὲς εἰς τὸ ὑπουργεῖον Ἐσωτερικῶν ἡ ἐπιτροπὴ ἡ ὁποία ἐξετάζει τὸ σχέδιον νόμου περὶ τῆς αὐτοδιοικήσεως καὶ συνεζήτησε τὰ ἄρθρα αὐτοῦ.
Η ΜΟΝΟΠΩΛΗΣΙΣ ΚΑΠΝΟΥ
ΚΑΙ ΟΙ ΠΡΑΤΗΡΙΟΥΧΟΙ ΣΙΓΑΡΕΤΤΩΝ
Συνῆλθον εἰς τὴν αἴθουσαν τοῦ Ἐπαγγελματικοῦ Ἐπιμελητηρίου οἱ πρατηριοῦχοι σιγαρέττων καὶ συνεζήτησαν τὸ ζήτημα τῆς μονοπωλήσεως τοῦ καπνοῦ.
ΝΕΑΙ ΑΠΟΛΥΣΕΙΣ
ΔΗΜΟΣΙΩΝ ΥΠΑΛΛΗΛΩΝ
ΑΘΗΝΑΙ, 18. Ὑπὸ τῆς ἁρμοδίας ὑπηρεσίας τοῦ ὑπουργείου Προνοίας καὶ Γεωργίας ἀπελύθησαν χθὲς 27 ὀργανικοὶ ὑπάλληλοι.
ΠΟΤΕ ΚΑΤΑΒΑΛΛΕΤΑΙ
ΑΘΗΝΑΙ, 18.— Καθ’ ἃς ἔχομεν πληροφορίας ἡ καταβολὴ τῶν 30 οἱο τῆς δόσεως τοῦ τοκοχρεωλυσίου διὰ τὰ Ἀμερικανικὰ δάνεια θὰ γίνῃ ἐντὸς τῆς προσεχοῦς ἑβδομάδος.
Η ΥΠΟΘΕΣΙΣ ΙΝΣΟΥΛ
ΑΘΗΝΑΙ 18. — Τὸ ἀπόγευμα χθὲς παρεδόθη τὸ κείμενον τῆς ἀποφάσεως τοῦ Συμβουλίου Ἐφετῶν ἐπὶ τῆς ὑποθέσεως Ἰνσούλ.
